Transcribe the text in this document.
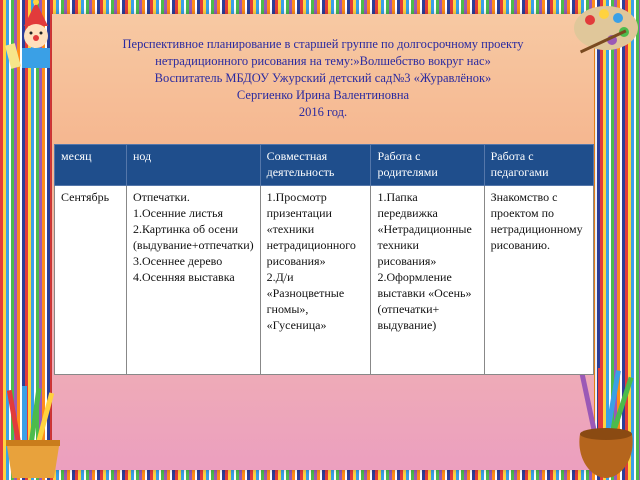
Перспективное планирование в старшей группе по долгосрочному проекту
нетрадиционного рисования на тему:»Волшебство вокруг нас»
Воспитатель МБДОУ Ужурский детский сад№3 «Журавлёнок»
Сергиенко Ирина Валентиновна
2016 год.
месяц	нод	Совместная деятельность	Работа с родителями	Работа с педагогами
Сентябрь	Отпечатки.
1.Осенние листья
2.Картинка об осени (выдувание+отпечатки)
3.Осеннее дерево
4.Осенняя выставка	1.Просмотр призентации «техники нетрадиционного рисования»
2.Д/и «Разноцветные гномы», «Гусеница»	1.Папка передвижка «Нетрадиционные техники рисования»
2.Оформление выставки «Осень» (отпечатки+ выдувание)	Знакомство с проектом по нетрадиционному рисованию.
